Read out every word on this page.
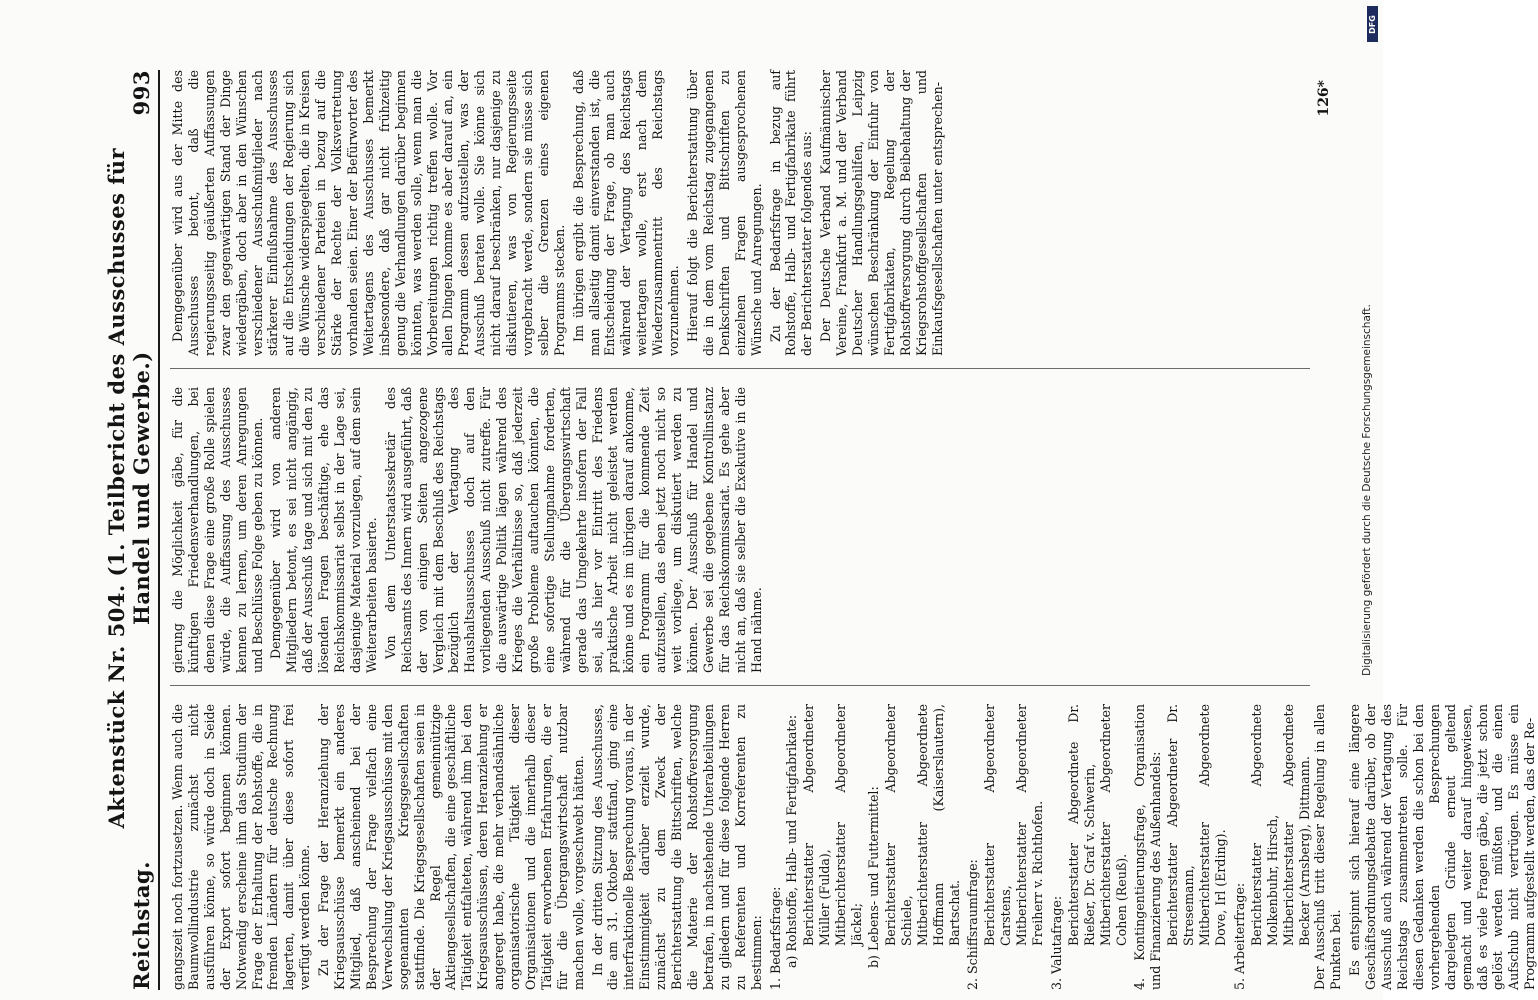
Reichstag.
Aktenstück Nr. 504. (1. Teilbericht des Ausschusses für Handel und Gewerbe.)
993

gangszeit noch fortzusetzen. Wenn auch die Baumwollindustrie zunächst nicht ausführen könne, so würde doch in Seide der Export sofort beginnen können. Notwendig erscheine ihm das Studium der Frage der Erhaltung der Rohstoffe, die in fremden Ländern für deutsche Rechnung lagerten, damit über diese sofort frei verfügt werden könne. Zu der Frage der Heranziehung der Kriegsausschüsse bemerkt ein anderes Mitglied, daß anscheinend bei der Besprechung der Frage vielfach eine Verwechslung der Kriegsausschüsse mit den sogenannten Kriegsgesellschaften stattfinde. Die Kriegsgesellschaften seien in der Regel gemeinnützige Aktiengesellschaften, die eine geschäftliche Tätigkeit entfalteten, während ihm bei den Kriegsausschüssen, deren Heranziehung er angeregt habe, die mehr verbandsähnliche organisatorische Tätigkeit dieser Organisationen und die innerhalb dieser Tätigkeit erworbenen Erfahrungen, die er für die Übergangswirtschaft nutzbar machen wolle, vorgeschwebt hätten. In der dritten Sitzung des Ausschusses, die am 31. Oktober stattfand, ging eine interfraktionelle Besprechung voraus, in der Einstimmigkeit darüber erzielt wurde, zunächst zu dem Zweck der Berichterstattung die Bittschriften, welche die Materie der Rohstoffversorgung betrafen, in nachstehende Unterabteilungen zu gliedern und für diese folgende Herren zu Referenten und Korreferenten zu bestimmen: 1. Bedarfsfrage: a) Rohstoffe, Halb- und Fertigfabrikate: Berichterstatter Abgeordneter Müller (Fulda), Mitberichterstatter Abgeordneter Jäckel; b) Lebens- und Futtermittel: Berichterstatter Abgeordneter Schiele, Mitberichterstatter Abgeordnete Hoffmann (Kaiserslautern), Bartschat. 2. Schiffsraumfrage: Berichterstatter Abgeordneter Carstens, Mitberichterstatter Abgeordneter Freiherr v. Richthofen. 3. Valutafrage: Berichterstatter Abgeordnete Dr. Rießer, Dr. Graf v. Schwerin, Mitberichterstatter Abgeordneter Cohen (Reuß). 4. Kontingentierungsfrage, Organisation und Finanzierung des Außenhandels: Berichterstatter Abgeordneter Dr. Stresemann, Mitberichterstatter Abgeordnete Dove, Irl (Erding). 5. Arbeiterfrage: Berichterstatter Abgeordnete Molkenbuhr, Hirsch, Mitberichterstatter Abgeordnete Becker (Arnsberg), Dittmann. Der Ausschuß tritt dieser Regelung in allen Punkten bei. Es entspinnt sich hierauf eine längere Geschäftsordnungsdebatte darüber, ob der Ausschuß auch während der Vertagung des Reichstags zusammentreten solle. Für diesen Gedanken werden die schon bei den vorhergehenden Besprechungen dargelegten Gründe erneut geltend gemacht und weiter darauf hingewiesen, daß es viele Fragen gäbe, die jetzt schon gelöst werden müßten und die einen Aufschub nicht vertrügen. Es müsse ein Programm aufgestellt werden, das der Re-

gierung die Möglichkeit gäbe, für die künftigen Friedensverhandlungen, bei denen diese Frage eine große Rolle spielen würde, die Auffassung des Ausschusses kennen zu lernen, um deren Anregungen und Beschlüsse Folge geben zu können. Demgegenüber wird von anderen Mitgliedern betont, es sei nicht angängig, daß der Ausschuß tage und sich mit den zu lösenden Fragen beschäftige, ehe das Reichskommissariat selbst in der Lage sei, dasjenige Material vorzulegen, auf dem sein Weiterarbeiten basierte. Von dem Unterstaatssekretär des Reichsamts des Innern wird ausgeführt, daß der von einigen Seiten angezogene Vergleich mit dem Beschluß des Reichstags bezüglich der Vertagung des Haushaltsausschusses doch auf den vorliegenden Ausschuß nicht zutreffe. Für die auswärtige Politik lägen während des Krieges die Verhältnisse so, daß jederzeit große Probleme auftauchen könnten, die eine sofortige Stellungnahme forderten, während für die Übergangswirtschaft gerade das Umgekehrte insofern der Fall sei, als hier vor Eintritt des Friedens praktische Arbeit nicht geleistet werden könne und es im übrigen darauf ankomme, ein Programm für die kommende Zeit aufzustellen, das eben jetzt noch nicht so weit vorliege, um diskutiert werden zu können. Der Ausschuß für Handel und Gewerbe sei die gegebene Kontrollinstanz für das Reichskommissariat. Es gehe aber nicht an, daß sie selber die Exekutive in die Hand nähme.

Demgegenüber wird aus der Mitte des Ausschusses betont, daß die regierungsseitig geäußerten Auffassungen zwar den gegenwärtigen Stand der Dinge wiedergäben, doch aber in den Wünschen verschiedener Ausschußmitglieder nach stärkerer Einflußnahme des Ausschusses auf die Entscheidungen der Regierung sich die Wünsche widerspiegelten, die in Kreisen verschiedener Parteien in bezug auf die Stärke der Rechte der Volksvertretung vorhanden seien. Einer der Befürworter des Weitertagens des Ausschusses bemerkt insbesondere, daß gar nicht frühzeitig genug die Verhandlungen darüber beginnen könnten, was werden solle, wenn man die Vorbereitungen richtig treffen wolle. Vor allen Dingen komme es aber darauf an, ein Programm dessen aufzustellen, was der Ausschuß beraten wolle. Sie könne sich nicht darauf beschränken, nur dasjenige zu diskutieren, was von Regierungsseite vorgebracht werde, sondern sie müsse sich selber die Grenzen eines eigenen Programms stecken. Im übrigen ergibt die Besprechung, daß man allseitig damit einverstanden ist, die Entscheidung der Frage, ob man auch während der Vertagung des Reichstags weitertagen wolle, erst nach dem Wiederzusammentritt des Reichstags vorzunehmen. Hierauf folgt die Berichterstattung über die in dem vom Reichstag zugegangenen Denkschriften und Bittschriften zu einzelnen Fragen ausgesprochenen Wünsche und Anregungen. Zu der Bedarfsfrage in bezug auf Rohstoffe, Halb- und Fertigfabrikate führt der Berichterstatter folgendes aus: Der Deutsche Verband Kaufmännischer Vereine, Frankfurt a. M. und der Verband Deutscher Handlungsgehilfen, Leipzig wünschen Beschränkung der Einfuhr von Fertigfabrikaten, Regelung der Rohstoffversorgung durch Beibehaltung der Kriegsrohstoffgesellschaften und Einkaufsgesellschaften unter entsprechen-	126*
Digitalisierung gefördert durch die Deutsche Forschungsgemeinschaft.
DFG
